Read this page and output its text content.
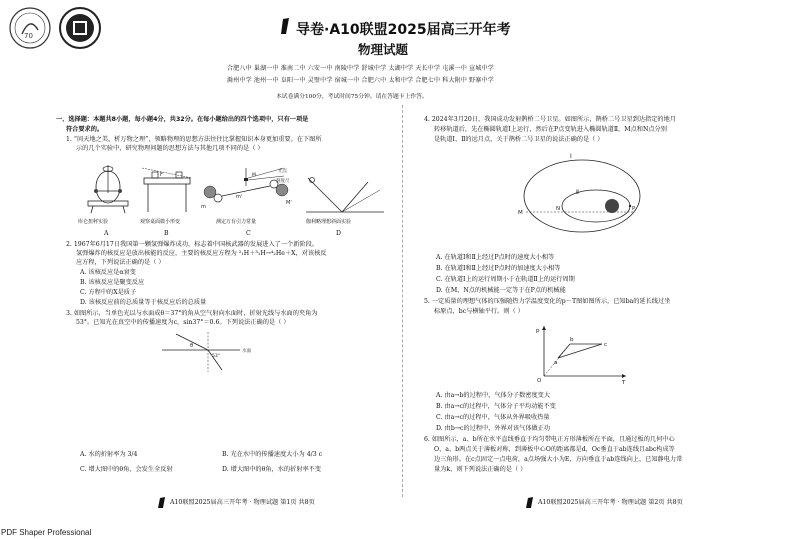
70	导卷·A10联盟2025届高三开年考
物理试题
合肥八中 巢湖一中 淮南二中 六安一中 南陵中学 舒城中学 太湖中学 天长中学 屯溪一中 宣城中学
滁州中学 池州一中 阜阳一中 灵璧中学 宿城一中 合肥六中 太和中学 合肥七中 科大附中 野寨中学
本试卷满分100分，考试时间75分钟。请在答题卡上作答。
一、选择题：本题共8小题，每小题4分，共32分。在每小题给出的四个选项中，只有一项是
符合要求的。
1. “问天地之美，析万物之理”，领略物理的思想方法往往比掌握知识本身更加重要。在下图所
示的几个实验中，研究物理问题的思想方法与其他几项不同的是（ ）
F
m
M'
m'
M
光点
刻度尺
库仑扭秤实验	观察桌面微小形变	测定万有引力常量	伽利略理想斜面实验
A	B	C	D
2. 1967年6月17日我国第一颗氢弹爆炸成功，标志着中国核武器的发展进入了一个新阶段。
氢弹爆炸的核反应是放出核能的反应，主要的核反应方程为 ²₁H＋³₁H→⁴₂He＋X，对该核反
应方程，下列说法正确的是（ ）
A. 该核反应是α衰变
B. 该核反应是聚变反应
C. 方程中的X是质子
D. 该核反应前的总质量等于核反应后的总质量
3. 如图所示，当单色光以与水面成θ＝37°的角从空气射向水面时，折射光线与水面的夹角为
53°。已知光在真空中的传播速度为c，sin37°＝0.6。下列说法正确的是（ ）
θ
53°
水面
A. 水的折射率为 3/4	B. 光在水中的传播速度大小为 4/3 c
C. 增大图中的θ角，会发生全反射	D. 增大图中的θ角，水的折射率不变
A10联盟2025届高三开年考 · 物理试题 第1页 共8页
4. 2024年3月20日，我国成功发射鹊桥二号卫星。如图所示，鹊桥二号卫星到达指定的地月
转移轨道后，先在椭圆轨道Ⅰ上运行，然后在P点变轨进入椭圆轨道Ⅱ，M点和N点分别
是轨道Ⅰ、Ⅱ的远月点，关于鹊桥二号卫星的说法正确的是（ ）
Ⅰ
Ⅱ
M
N	P
A. 在轨道Ⅰ和Ⅱ上经过P点时的速度大小相等
B. 在轨道Ⅰ和Ⅱ上经过P点时的加速度大小相等
C. 在轨道Ⅰ上的运行周期小于在轨道Ⅱ上的运行周期
D. 在M、N点的机械能一定等于在P点的机械能
5. 一定质量的理想气体的压强随热力学温度变化的p－T图如图所示，已知ba的延长线过坐
标原点，bc与横轴平行。则（ ）
p
T
O
a
b
c
A. 由a→b的过程中，气体分子数密度变大
B. 由a→c的过程中，气体分子平均动能不变
C. 由a→c的过程中，气体从外界吸收热量
D. 由b→c的过程中，外界对该气体做正功
6. 如图所示，a、b所在水平直线垂直于均匀带电正方形薄板所在平面，且通过板的几何中心
O，a、b两点关于薄板对称，到薄板中心O的距离都是d，Oc垂直于ab连线且abc构成等
边三角形。在c点固定一点电荷，a点场强大小为E，方向垂直于ab连线向上，已知静电力常
量为k，则下列说法正确的是（ ）
A10联盟2025届高三开年考 · 物理试题 第2页 共8页
PDF Shaper Professional
